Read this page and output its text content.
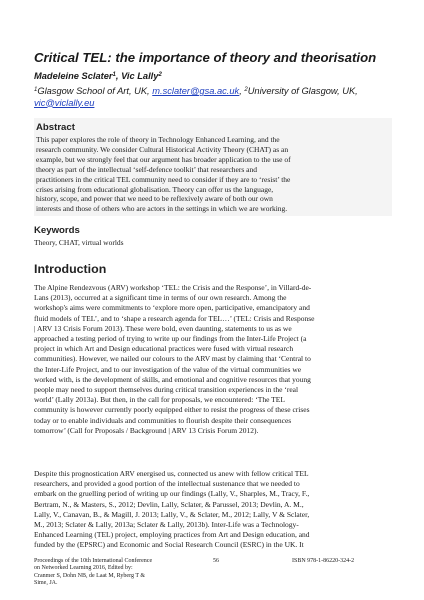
Critical TEL: the importance of theory and theorisation
Madeleine Sclater$^1$, Vic Lally$^2$
$^1$Glasgow School of Art, UK, m.sclater@gsa.ac.uk, $^2$University of Glasgow, UK,
vic@viclally.eu
Abstract

This paper explores the role of theory in Technology Enhanced Learning, and the
research community. We consider Cultural Historical Activity Theory (CHAT) as an
example, but we strongly feel that our argument has broader application to the use of
theory as part of the intellectual ‘self-defence toolkit’ that researchers and
practitioners in the critical TEL community need to consider if they are to ‘resist’ the
crises arising from educational globalisation. Theory can offer us the language,
history, scope, and power that we need to be reflexively aware of both our own
interests and those of others who are actors in the settings in which we are working.

Keywords

Theory, CHAT, virtual worlds

Introduction

The Alpine Rendezvous (ARV) workshop ‘TEL: the Crisis and the Response’, in Villard-de-
Lans (2013), occurred at a significant time in terms of our own research. Among the
workshop's aims were commitments to ‘explore more open, participative, emancipatory and
fluid models of TEL’, and to ‘shape a research agenda for TEL…’ (TEL: Crisis and Response
| ARV 13 Crisis Forum 2013). These were bold, even daunting, statements to us as we
approached a testing period of trying to write up our findings from the Inter-Life Project (a
project in which Art and Design educational practices were fused with virtual research
communities). However, we nailed our colours to the ARV mast by claiming that ‘Central to
the Inter-Life Project, and to our investigation of the value of the virtual communities we
worked with, is the development of skills, and emotional and cognitive resources that young
people may need to support themselves during critical transition experiences in the ‘real
world’ (Lally 2013a). But then, in the call for proposals, we encountered: ‘The TEL
community is however currently poorly equipped either to resist the progress of these crises
today or to enable individuals and communities to flourish despite their consequences
tomorrow’ (Call for Proposals / Background | ARV 13 Crisis Forum 2012).

Despite this prognostication ARV energised us, connected us anew with fellow critical TEL
researchers, and provided a good portion of the intellectual sustenance that we needed to
embark on the gruelling period of writing up our findings (Lally, V., Sharples, M., Tracy, F.,
Bertram, N., & Masters, S., 2012; Devlin, Lally, Sclater, & Parussel, 2013; Devlin, A. M.,
Lally, V., Canavan, B., & Magill, J. 2013; Lally, V., & Sclater, M., 2012; Lally, V & Sclater,
M., 2013; Sclater & Lally, 2013a; Sclater & Lally, 2013b). Inter-Life was a Technology-
Enhanced Learning (TEL) project, employing practices from Art and Design education, and
funded by the (EPSRC) and Economic and Social Research Council (ESRC) in the UK. It

Proceedings of the 10th International Conference
on Networked Learning 2016, Edited by:
Cranmer S, Dohn NB, de Laat M, Ryberg T &
Sime, JA.
56	ISBN 978-1-86220-324-2
